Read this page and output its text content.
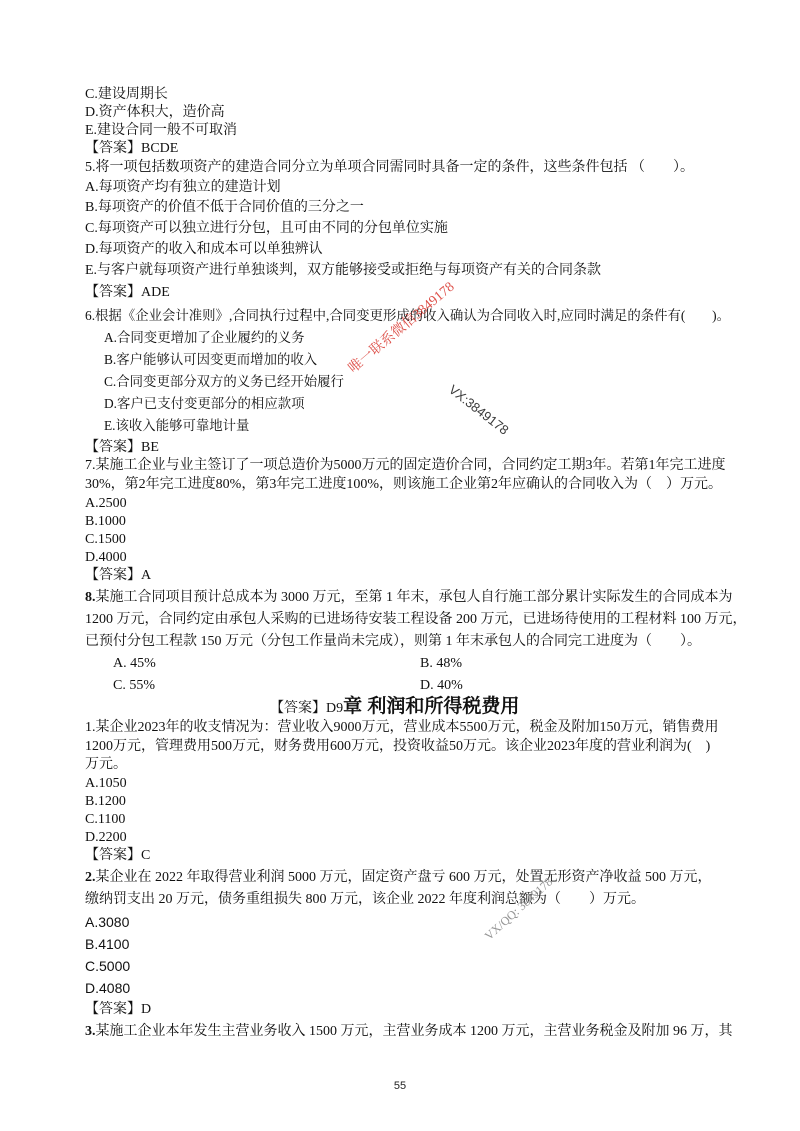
C.建设周期长
D.资产体积大，造价高
E.建设合同一般不可取消
【答案】BCDE
5.将一项包括数项资产的建造合同分立为单项合同需同时具备一定的条件，这些条件包括 （　　）。
A.每项资产均有独立的建造计划
B.每项资产的价值不低于合同价值的三分之一
C.每项资产可以独立进行分包，且可由不同的分包单位实施
D.每项资产的收入和成本可以单独辨认
E.与客户就每项资产进行单独谈判，双方能够接受或拒绝与每项资产有关的合同条款
【答案】ADE
6.根据《企业会计准则》,合同执行过程中,合同变更形成的收入确认为合同收入时,应同时满足的条件有(　　)。
A.合同变更增加了企业履约的义务
B.客户能够认可因变更而增加的收入
C.合同变更部分双方的义务已经开始履行
D.客户已支付变更部分的相应款项
E.该收入能够可靠地计量
【答案】BE
7.某施工企业与业主签订了一项总造价为5000万元的固定造价合同，合同约定工期3年。若第1年完工进度
30%，第2年完工进度80%，第3年完工进度100%，则该施工企业第2年应确认的合同收入为（　）万元。
A.2500
B.1000
C.1500
D.4000
【答案】A
8.某施工合同项目预计总成本为 3000 万元，至第 1 年末，承包人自行施工部分累计实际发生的合同成本为
1200 万元，合同约定由承包人采购的已进场待安装工程设备 200 万元，已进场待使用的工程材料 100 万元，
已预付分包工程款 150 万元（分包工作量尚未完成），则第 1 年末承包人的合同完工进度为（　　）。
A. 45%	B. 48%
C. 55%	D. 40%
【答案】D9章 利润和所得税费用
1.某企业2023年的收支情况为：营业收入9000万元，营业成本5500万元，税金及附加150万元，销售费用
1200万元，管理费用500万元，财务费用600万元，投资收益50万元。该企业2023年度的营业利润为(　)
万元。
A.1050
B.1200
C.1100
D.2200
【答案】C
2.某企业在 2022 年取得营业利润 5000 万元，固定资产盘亏 600 万元，处置无形资产净收益 500 万元，
缴纳罚支出 20 万元，债务重组损失 800 万元，该企业 2022 年度利润总额为（　　）万元。
A.3080
B.4100
C.5000
D.4080
【答案】D
3.某施工企业本年发生主营业务收入 1500 万元，主营业务成本 1200 万元，主营业务税金及附加 96 万，其
唯一联系微信3849178
VX:3849178
VX/QQ: 3849178
55
